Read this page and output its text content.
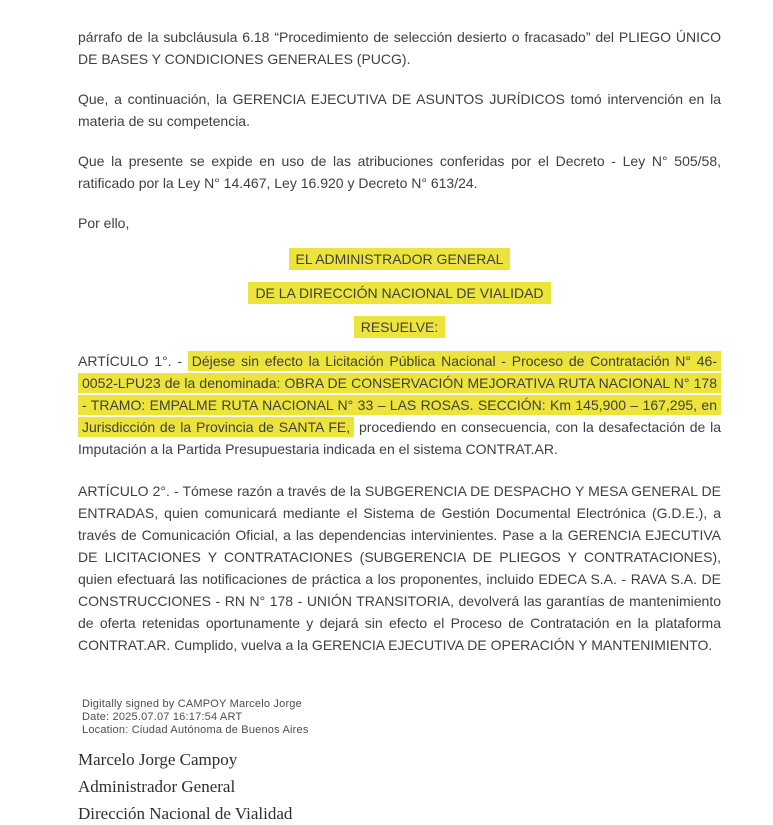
párrafo de la subcláusula 6.18 “Procedimiento de selección desierto o fracasado” del PLIEGO ÚNICO DE BASES Y CONDICIONES GENERALES (PUCG).

Que, a continuación, la GERENCIA EJECUTIVA DE ASUNTOS JURÍDICOS tomó intervención en la materia de su competencia.

Que la presente se expide en uso de las atribuciones conferidas por el Decreto - Ley N° 505/58, ratificado por la Ley N° 14.467, Ley 16.920 y Decreto N° 613/24.

Por ello,

EL ADMINISTRADOR GENERAL

DE LA DIRECCIÓN NACIONAL DE VIALIDAD

RESUELVE:

ARTÍCULO 1°. - Déjese sin efecto la Licitación Pública Nacional - Proceso de Contratación N° 46-0052-LPU23 de la denominada: OBRA DE CONSERVACIÓN MEJORATIVA RUTA NACIONAL N° 178 - TRAMO: EMPALME RUTA NACIONAL N° 33 – LAS ROSAS. SECCIÓN: Km 145,900 – 167,295, en Jurisdicción de la Provincia de SANTA FE, procediendo en consecuencia, con la desafectación de la Imputación a la Partida Presupuestaria indicada en el sistema CONTRAT.AR.

ARTÍCULO 2°. - Tómese razón a través de la SUBGERENCIA DE DESPACHO Y MESA GENERAL DE ENTRADAS, quien comunicará mediante el Sistema de Gestión Documental Electrónica (G.D.E.), a través de Comunicación Oficial, a las dependencias intervinientes. Pase a la GERENCIA EJECUTIVA DE LICITACIONES Y CONTRATACIONES (SUBGERENCIA DE PLIEGOS Y CONTRATACIONES), quien efectuará las notificaciones de práctica a los proponentes, incluido EDECA S.A. - RAVA S.A. DE CONSTRUCCIONES - RN N° 178 - UNIÓN TRANSITORIA, devolverá las garantías de mantenimiento de oferta retenidas oportunamente y dejará sin efecto el Proceso de Contratación en la plataforma CONTRAT.AR. Cumplido, vuelva a la GERENCIA EJECUTIVA DE OPERACIÓN Y MANTENIMIENTO.

Digitally signed by CAMPOY Marcelo Jorge
Date: 2025.07.07 16:17:54 ART
Location: Ciudad Autónoma de Buenos Aires
Marcelo Jorge Campoy
Administrador General
Dirección Nacional de Vialidad
